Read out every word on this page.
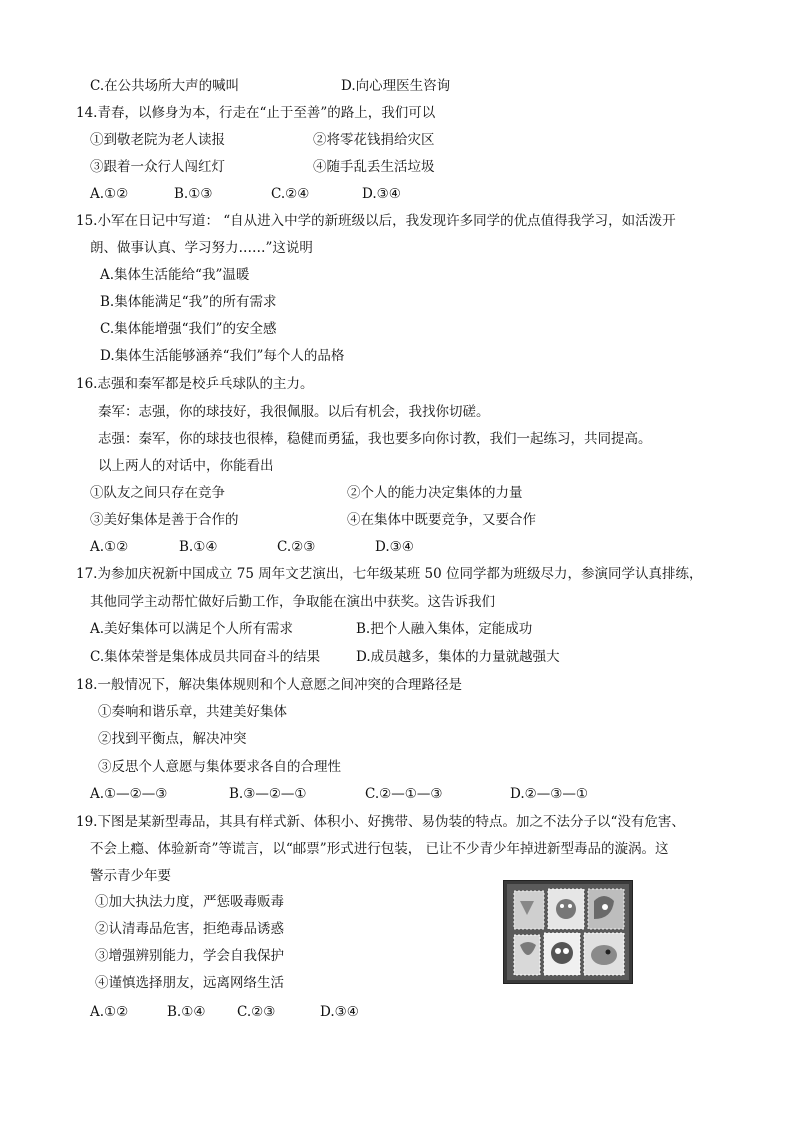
C.在公共场所大声的喊叫	D.向心理医生咨询
14.青春，以修身为本，行走在“止于至善”的路上，我们可以
①到敬老院为老人读报	②将零花钱捐给灾区
③跟着一众行人闯红灯	④随手乱丢生活垃圾
A.①②	B.①③	C.②④	D.③④
15.小军在日记中写道： “自从进入中学的新班级以后，我发现许多同学的优点值得我学习，如活泼开
朗、做事认真、学习努力……”这说明
A.集体生活能给“我”温暖
B.集体能满足“我”的所有需求
C.集体能增强“我们”的安全感
D.集体生活能够涵养“我们”每个人的品格
16.志强和秦军都是校乒乓球队的主力。
秦军：志强，你的球技好，我很佩服。以后有机会，我找你切磋。
志强：秦军，你的球技也很棒，稳健而勇猛，我也要多向你讨教，我们一起练习，共同提高。
以上两人的对话中，你能看出
①队友之间只存在竞争	②个人的能力决定集体的力量
③美好集体是善于合作的	④在集体中既要竞争，又要合作
A.①②	B.①④	C.②③	D.③④
17.为参加庆祝新中国成立 75 周年文艺演出，七年级某班 50 位同学都为班级尽力，参演同学认真排练，
其他同学主动帮忙做好后勤工作，争取能在演出中获奖。这告诉我们
A.美好集体可以满足个人所有需求	B.把个人融入集体，定能成功
C.集体荣誉是集体成员共同奋斗的结果	D.成员越多，集体的力量就越强大
18.一般情况下，解决集体规则和个人意愿之间冲突的合理路径是
①奏响和谐乐章，共建美好集体
②找到平衡点，解决冲突
③反思个人意愿与集体要求各自的合理性
A.①—②—③	B.③—②—①	C.②—①—③	D.②—③—①
19.下图是某新型毒品，其具有样式新、体积小、好携带、易伪装的特点。加之不法分子以“没有危害、
不会上瘾、体验新奇”等谎言，以“邮票”形式进行包装， 已让不少青少年掉进新型毒品的漩涡。这
警示青少年要
①加大执法力度，严惩吸毒贩毒
②认清毒品危害，拒绝毒品诱惑
③增强辨别能力，学会自我保护
④谨慎选择朋友，远离网络生活
A.①②	B.①④ C.②③	D.③④
